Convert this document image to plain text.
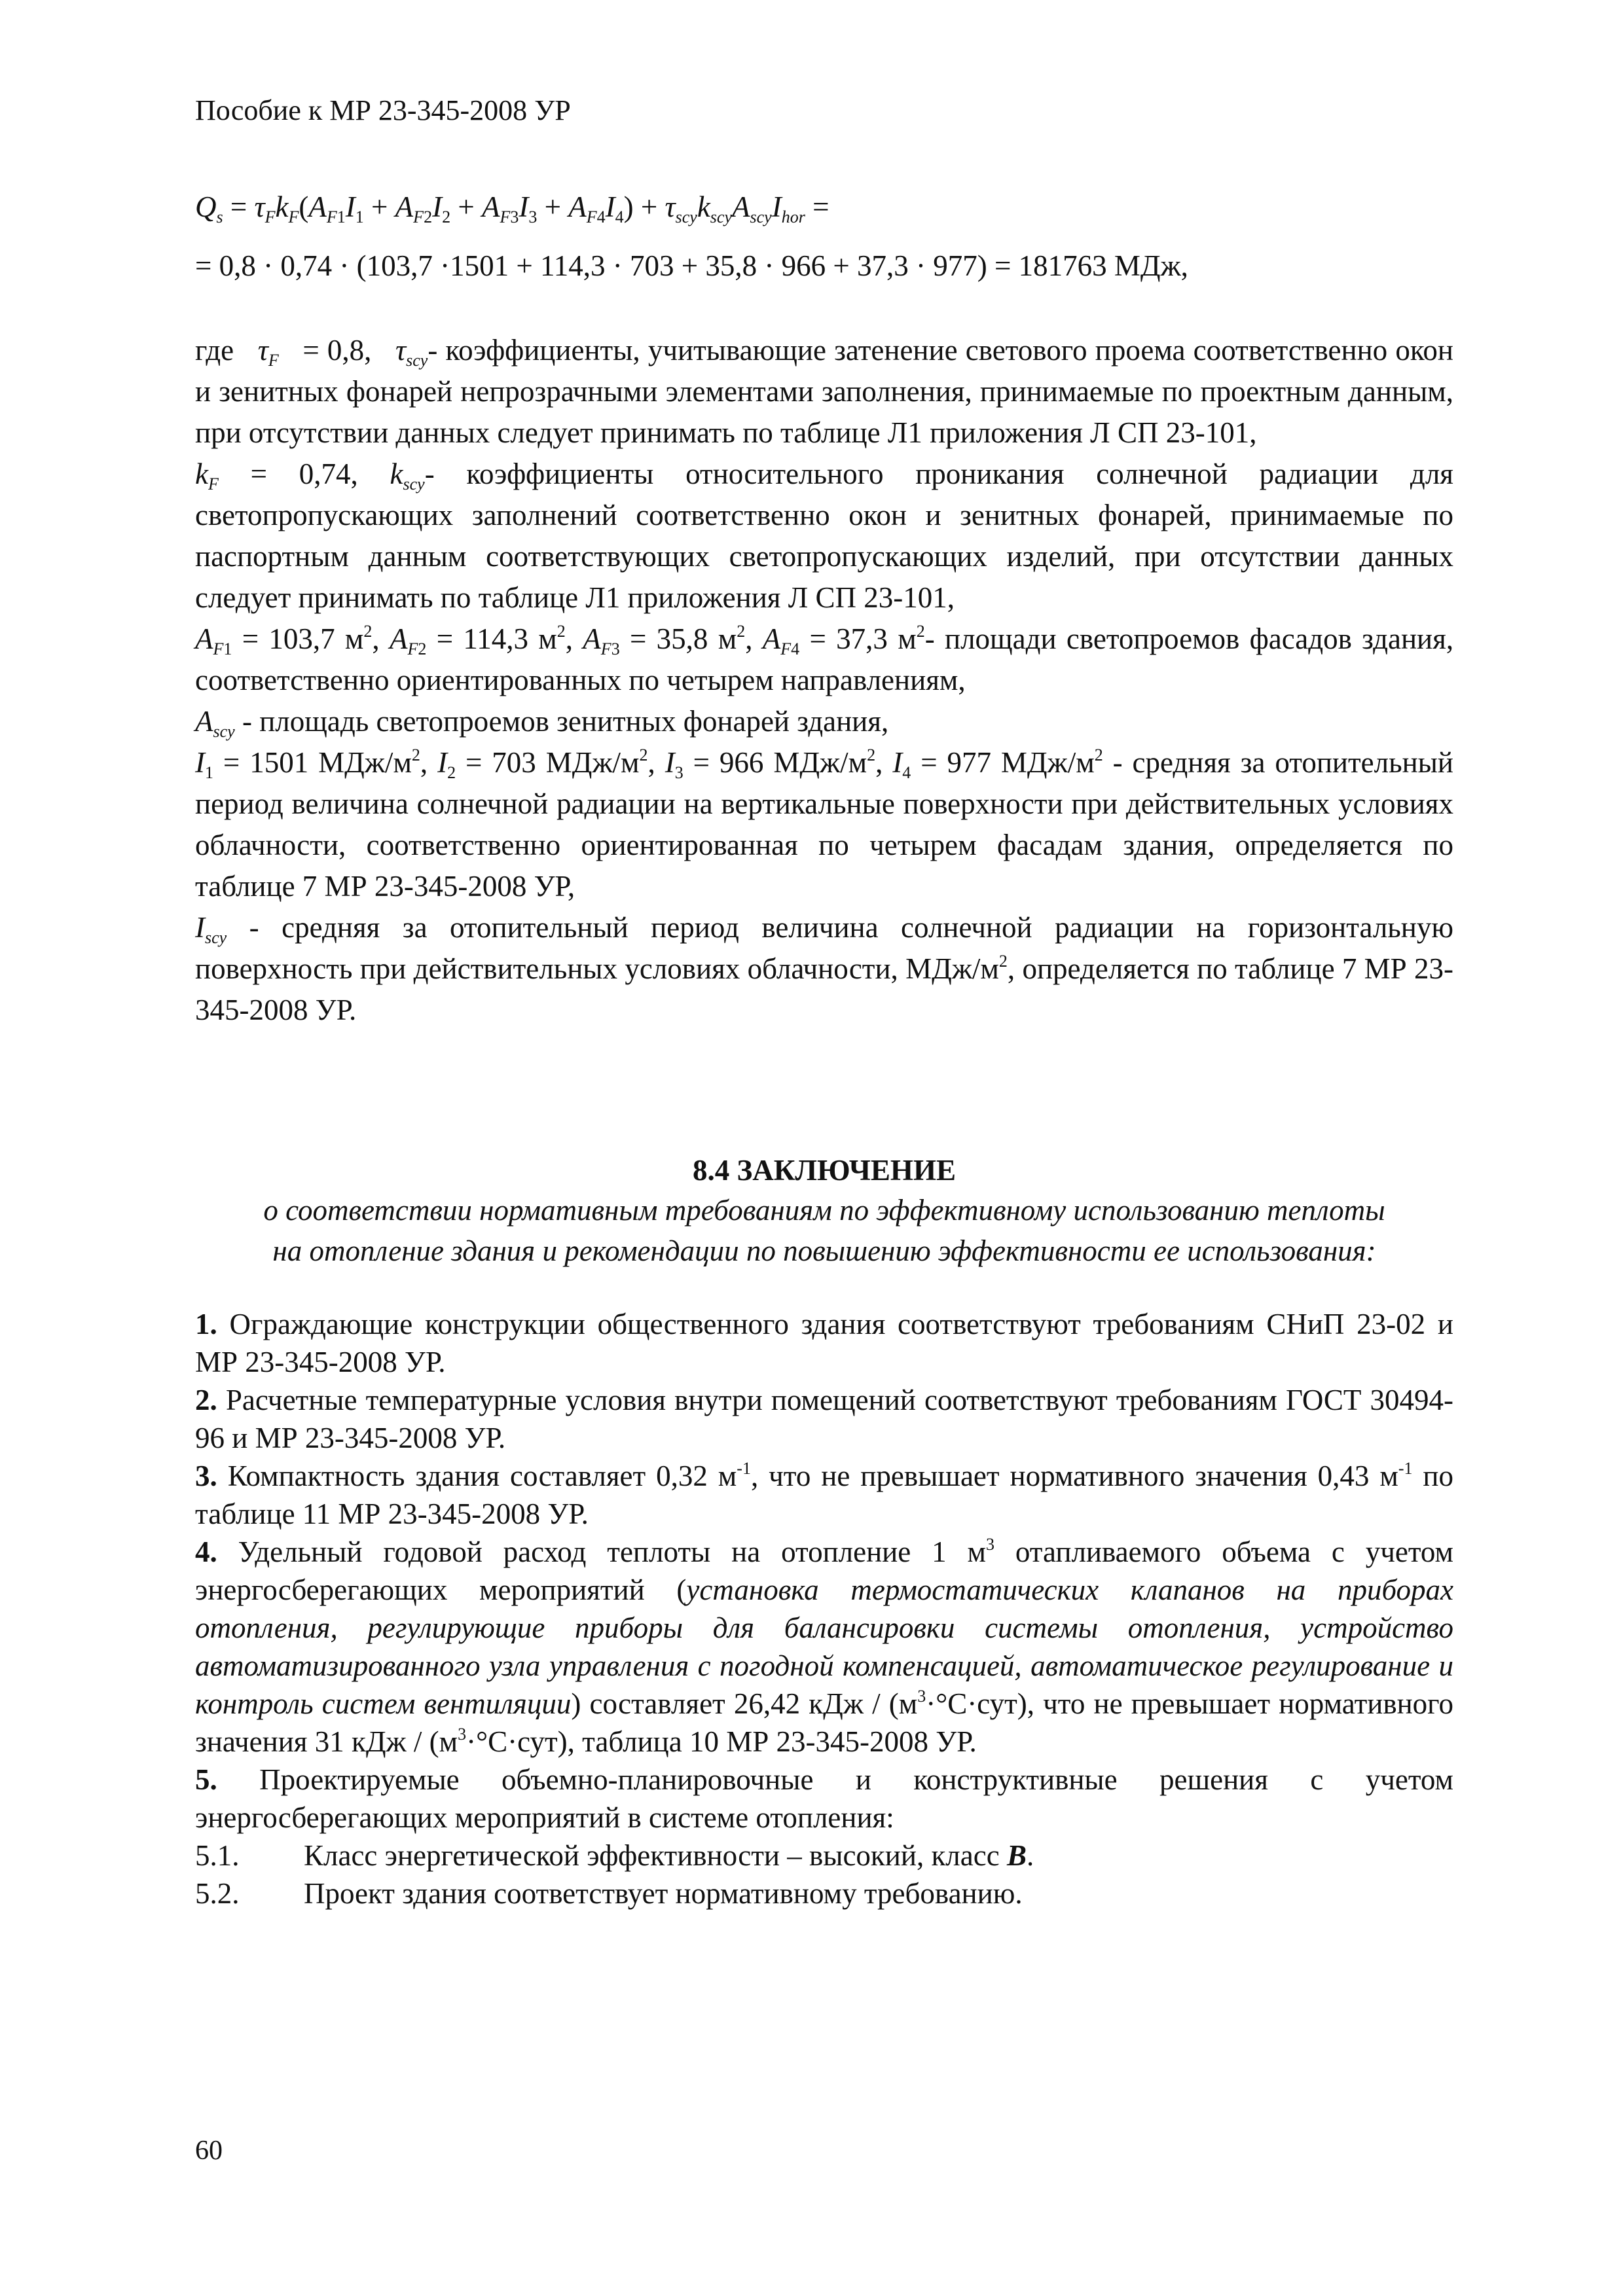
Пособие к МР 23-345-2008 УР
$Q_s = \tau_Fk_F(A_{F1}I_1 + A_{F2}I_2 + A_{F3}I_3 + A_{F4}I_4) + \tau_{scy}k_{scy}A_{scy}I_{hor}$ =
= 0,8 · 0,74 · (103,7 ·1501 + 114,3 · 703 + 35,8 · 966 + 37,3 · 977) = 181763 МДж,
где $\tau_F = 0,8$, $\tau_{scy}-$ коэффициенты, учитывающие затенение светового проема соответственно окон и зенитных фонарей непрозрачными элементами заполнения, принимаемые по проектным данным, при отсутствии данных следует принимать по таблице Л1 приложения Л СП 23-101,
$k_F = 0,74$, $k_{scy}-$ коэффициенты относительного проникания солнечной радиации для светопропускающих заполнений соответственно окон и зенитных фонарей, принимаемые по паспортным данным соответствующих светопропускающих изделий, при отсутствии данных следует принимать по таблице Л1 приложения Л СП 23-101,
$A_{F1} = 103,7$ $м^2$, $A_{F2} = 114,3$ $м^2$, $A_{F3} = 35,8$ $м^2$, $A_{F4} = 37,3$ $м^2-$ площади светопроемов фасадов здания, соответственно ориентированных по четырем направлениям,
$A_{scy}$ - площадь светопроемов зенитных фонарей здания,
$I_1 = 1501$ МДж/$м^2$, $I_2 = 703$ МДж/$м^2$, $I_3 = 966$ МДж/$м^2$, $I_4 = 977$ МДж/$м^2$ - средняя за отопительный период величина солнечной радиации на вертикальные поверхности при действительных условиях облачности, соответственно ориентированная по четырем фасадам здания, определяется по таблице 7 МР 23-345-2008 УР,
$I_{scy}$ - средняя за отопительный период величина солнечной радиации на горизонтальную поверхность при действительных условиях облачности, МДж/$м^2$, определяется по таблице 7 МР 23-345-2008 УР.
8.4 ЗАКЛЮЧЕНИЕ
о соответствии нормативным требованиям по эффективному использованию теплоты
на отопление здания и рекомендации по повышению эффективности ее использования:
1. Ограждающие конструкции общественного здания соответствуют требованиям СНиП 23-02 и МР 23-345-2008 УР.
2. Расчетные температурные условия внутри помещений соответствуют требованиям ГОСТ 30494-96 и МР 23-345-2008 УР.
3. Компактность здания составляет 0,32 $м^{-1}$, что не превышает нормативного значения 0,43 $м^{-1}$ по таблице 11 МР 23-345-2008 УР.
4. Удельный годовой расход теплоты на отопление 1 $м^3$ отапливаемого объема с учетом энергосберегающих мероприятий (установка термостатических клапанов на приборах отопления, регулирующие приборы для балансировки системы отопления, устройство автоматизированного узла управления с погодной компенсацией, автоматическое регулирование и контроль систем вентиляции) составляет 26,42 кДж / $(м^3\cdot^\circ С\cdot сут)$, что не превышает нормативного значения 31 кДж / $(м^3\cdot^\circ С\cdot сут)$, таблица 10 МР 23-345-2008 УР.
5. Проектируемые объемно-планировочные и конструктивные решения с учетом энергосберегающих мероприятий в системе отопления:
5.1.	Класс энергетической эффективности – высокий, класс B.
5.2.	Проект здания соответствует нормативному требованию.
60
